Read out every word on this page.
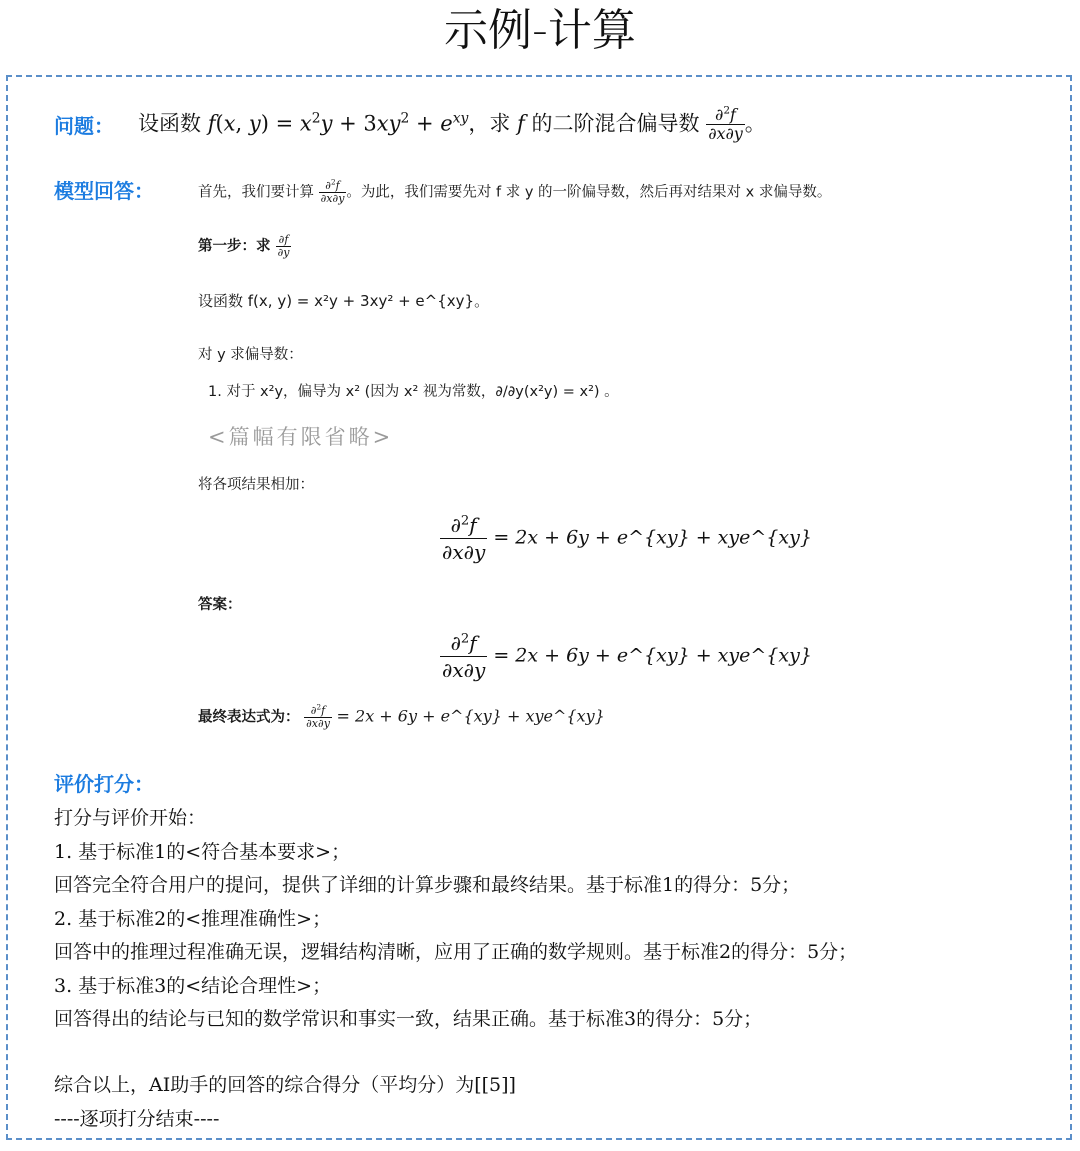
示例-计算
问题： 设函数 f(x, $y) = x^2y + 3xy^2 + e^{xy}$，求 f 的二阶混合偏导数 $\frac{\partial^2f}{\partial x\partial y}$ 。
模型回答：	首先，我们要计算 $\frac{\partial^2f}{\partial x\partial y}$ 。为此，我们需要先对 f 求 y 的一阶偏导数，然后再对结果对 x 求偏导数。
第一步：求 $\frac{\partial f}{\partial y}$
设函数 f(x, y) = x²y + 3xy² + e^{xy}。
对 y 求偏导数：
1. 对于 x²y，偏导为 x² (因为 x² 视为常数，∂/∂y(x²y) = x²) 。
<篇幅有限省略>
将各项结果相加：
$\frac{\partial^2f}{\partial x\partial y} = 2x + 6y$ + e^{xy} + xye^{xy}
答案：
$\frac{\partial^2f}{\partial x\partial y} = 2x + 6y$ + e^{xy} + xye^{xy}
最终表达式为： $\frac{\partial^2f}{\partial x\partial y} = 2x + 6y$ + e^{xy} + xye^{xy}
评价打分：
打分与评价开始：
1. 基于标准1的<符合基本要求>；
回答完全符合用户的提问，提供了详细的计算步骤和最终结果。基于标准1的得分：5分；
2. 基于标准2的<推理准确性>；
回答中的推理过程准确无误，逻辑结构清晰，应用了正确的数学规则。基于标准2的得分：5分；
3. 基于标准3的<结论合理性>；
回答得出的结论与已知的数学常识和事实一致，结果正确。基于标准3的得分：5分；
综合以上，AI助手的回答的综合得分（平均分）为[[5]]
----逐项打分结束----
